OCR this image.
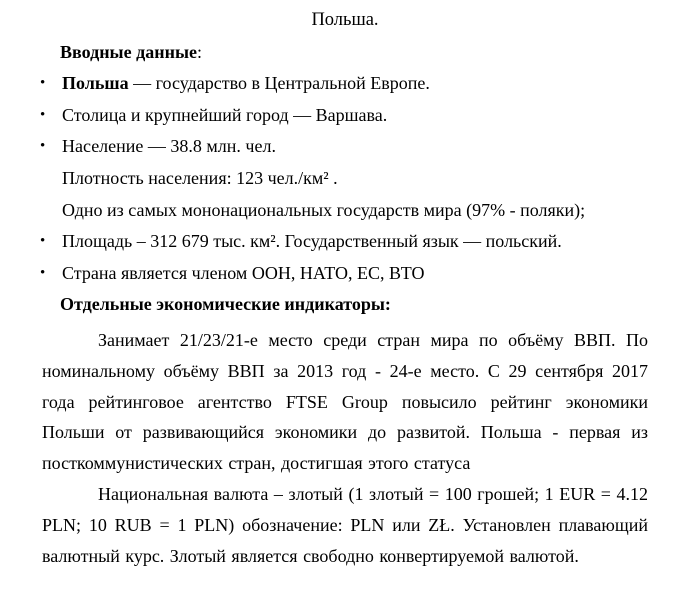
Польша.

Вводные данные:

• Польша — государство в Центральной Европе.
• Столица и крупнейший город — Варшава.
• Население — 38.8 млн. чел.
Плотность населения: 123 чел./км² .
Одно из самых мононациональных государств мира (97% - поляки);
• Площадь – 312 679 тыс. км². Государственный язык — польский.
• Страна является членом ООН, НАТО, ЕС, ВТО

Отдельные экономические индикаторы:

Занимает 21/23/21-е место среди стран мира по объёму ВВП. По номинальному объёму ВВП за 2013 год - 24-е место. С 29 сентября 2017 года рейтинговое агентство FTSE Group повысило рейтинг экономики Польши от развивающийся экономики до развитой. Польша - первая из посткоммунистических стран, достигшая этого статуса

Национальная валюта – злотый (1 злотый = 100 грошей; 1 EUR = 4.12 PLN; 10 RUB = 1 PLN) обозначение: PLN или ZŁ. Установлен плавающий валютный курс. Злотый является свободно конвертируемой валютой.
